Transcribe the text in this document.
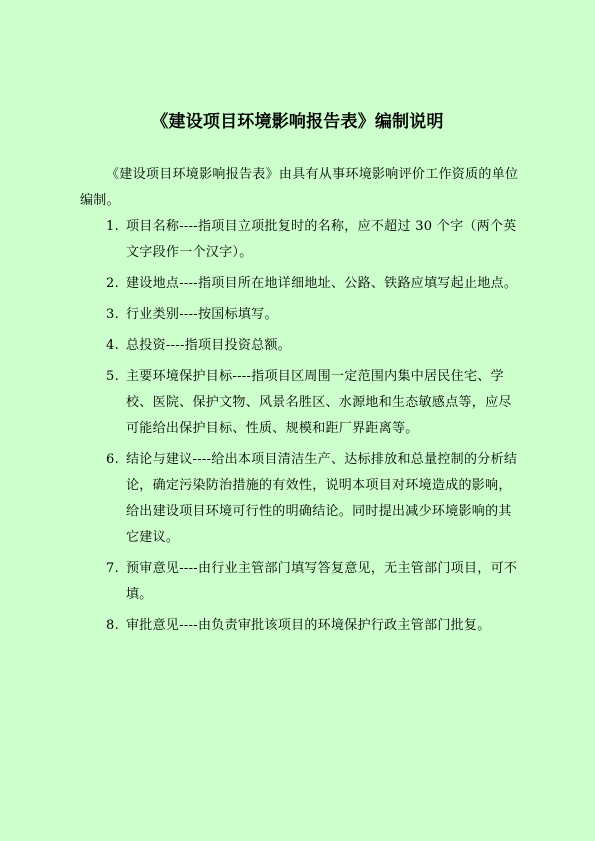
《建设项目环境影响报告表》编制说明

《建设项目环境影响报告表》由具有从事环境影响评价工作资质的单位编制。

1. 项目名称----指项目立项批复时的名称，应不超过 30 个字（两个英文字段作一个汉字）。
2. 建设地点----指项目所在地详细地址、公路、铁路应填写起止地点。
3. 行业类别----按国标填写。
4. 总投资----指项目投资总额。
5. 主要环境保护目标----指项目区周围一定范围内集中居民住宅、学校、医院、保护文物、风景名胜区、水源地和生态敏感点等，应尽可能给出保护目标、性质、规模和距厂界距离等。
6. 结论与建议----给出本项目清洁生产、达标排放和总量控制的分析结论，确定污染防治措施的有效性，说明本项目对环境造成的影响，给出建设项目环境可行性的明确结论。同时提出减少环境影响的其它建议。
7. 预审意见----由行业主管部门填写答复意见，无主管部门项目，可不填。
8. 审批意见----由负责审批该项目的环境保护行政主管部门批复。
